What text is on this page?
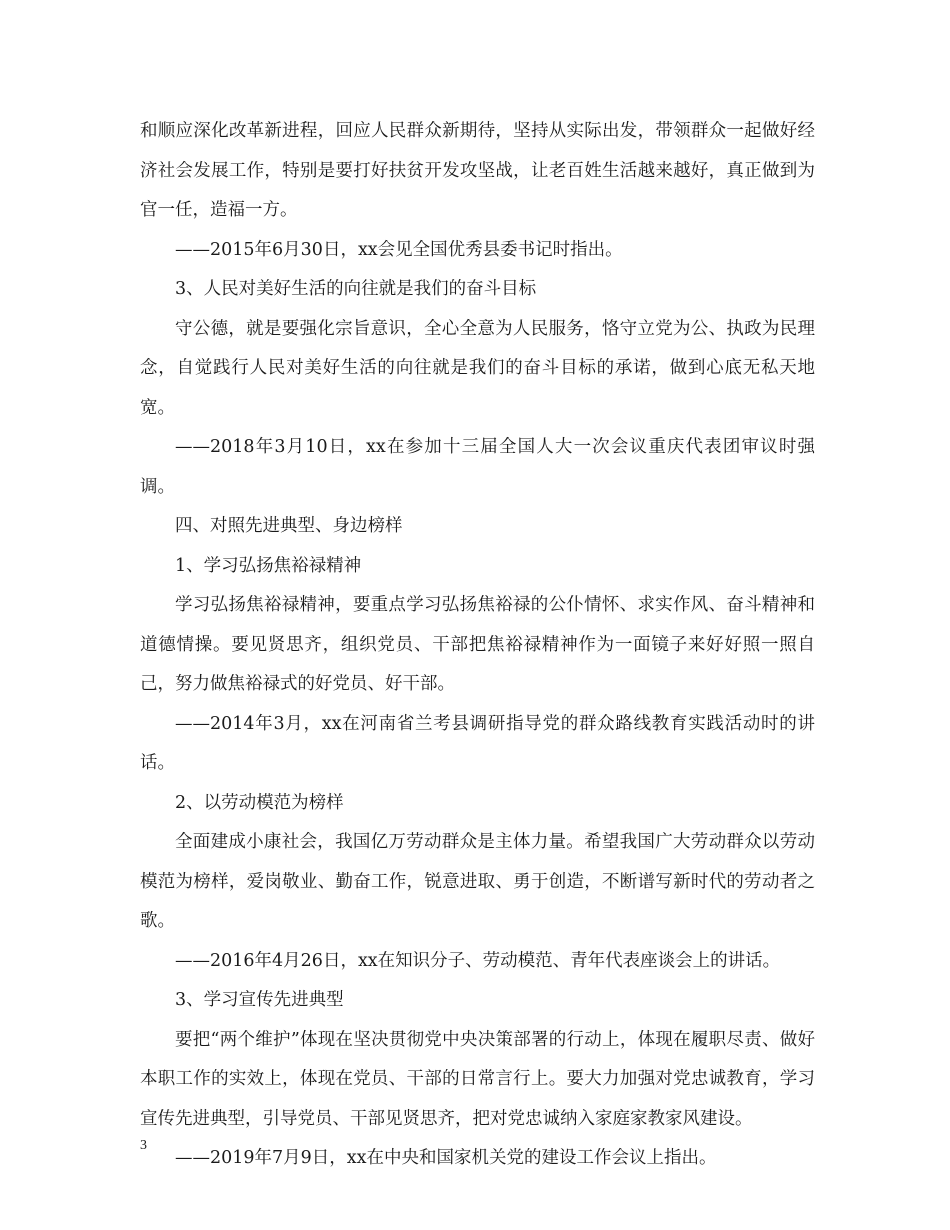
和顺应深化改革新进程，回应人民群众新期待，坚持从实际出发，带领群众一起做好经济社会发展工作，特别是要打好扶贫开发攻坚战，让老百姓生活越来越好，真正做到为官一任，造福一方。

——2015年6月30日，xx会见全国优秀县委书记时指出。

3、人民对美好生活的向往就是我们的奋斗目标

守公德，就是要强化宗旨意识，全心全意为人民服务，恪守立党为公、执政为民理念，自觉践行人民对美好生活的向往就是我们的奋斗目标的承诺，做到心底无私天地宽。

——2018年3月10日，xx在参加十三届全国人大一次会议重庆代表团审议时强调。

四、对照先进典型、身边榜样

1、学习弘扬焦裕禄精神

学习弘扬焦裕禄精神，要重点学习弘扬焦裕禄的公仆情怀、求实作风、奋斗精神和道德情操。要见贤思齐，组织党员、干部把焦裕禄精神作为一面镜子来好好照一照自己，努力做焦裕禄式的好党员、好干部。

——2014年3月，xx在河南省兰考县调研指导党的群众路线教育实践活动时的讲话。

2、以劳动模范为榜样

全面建成小康社会，我国亿万劳动群众是主体力量。希望我国广大劳动群众以劳动模范为榜样，爱岗敬业、勤奋工作，锐意进取、勇于创造，不断谱写新时代的劳动者之歌。

——2016年4月26日，xx在知识分子、劳动模范、青年代表座谈会上的讲话。

3、学习宣传先进典型

要把“两个维护”体现在坚决贯彻党中央决策部署的行动上，体现在履职尽责、做好本职工作的实效上，体现在党员、干部的日常言行上。要大力加强对党忠诚教育，学习宣传先进典型，引导党员、干部见贤思齐，把对党忠诚纳入家庭家教家风建设。

——2019年7月9日，xx在中央和国家机关党的建设工作会议上指出。

3
